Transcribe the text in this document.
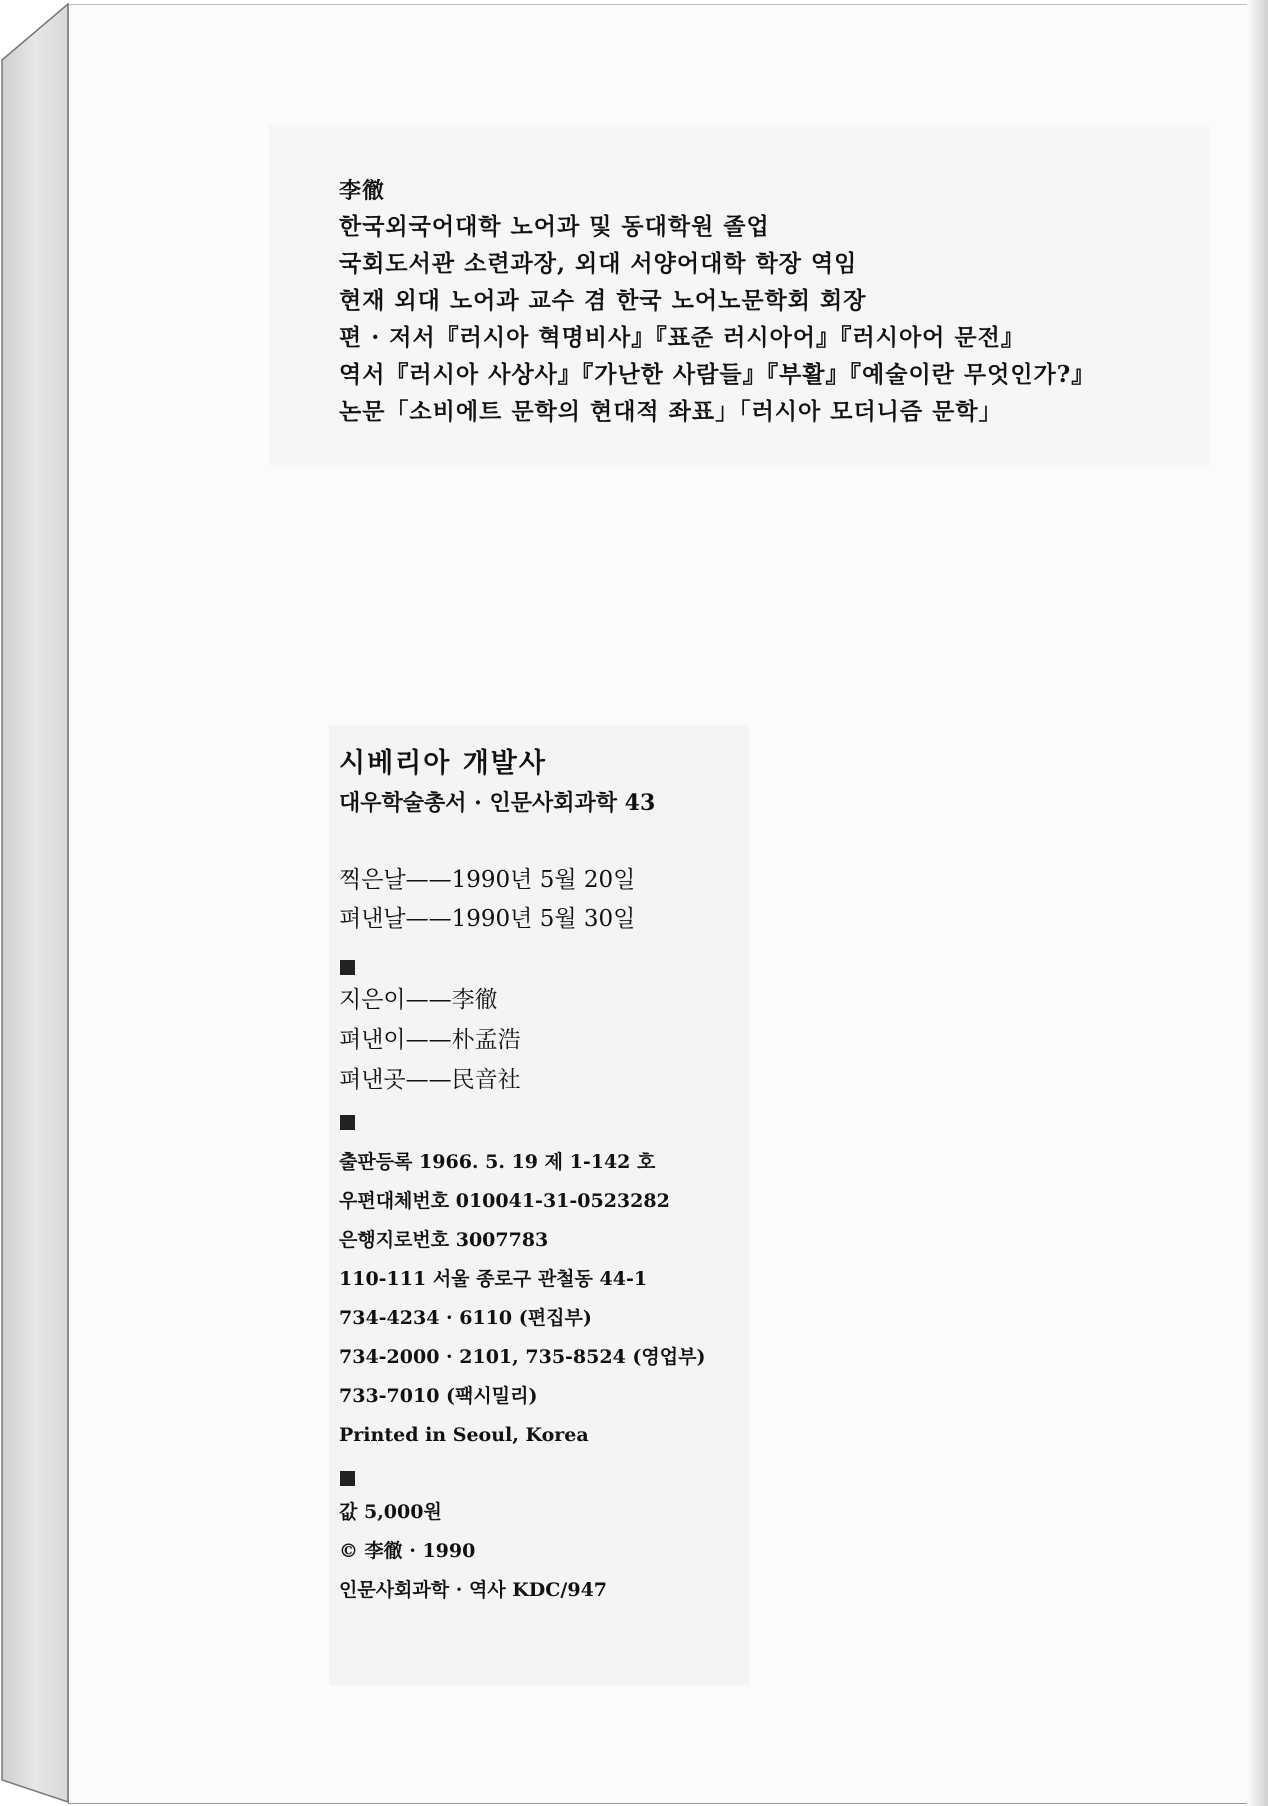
李徹
한국외국어대학 노어과 및 동대학원 졸업
국회도서관 소련과장, 외대 서양어대학 학장 역임
현재 외대 노어과 교수 겸 한국 노어노문학회 회장
편 · 저서『러시아 혁명비사』『표준 러시아어』『러시아어 문전』
역서『러시아 사상사』『가난한 사람들』『부활』『예술이란 무엇인가?』
논문「소비에트 문학의 현대적 좌표」「러시아 모더니즘 문학」
시베리아 개발사
대우학술총서 · 인문사회과학 43
찍은날——1990년 5월 20일
펴낸날——1990년 5월 30일
지은이——李徹
펴낸이——朴孟浩
펴낸곳——民音社
출판등록 1966. 5. 19 제 1-142 호
우편대체번호 010041-31-0523282
은행지로번호 3007783
110-111 서울 종로구 관철동 44-1
734-4234 · 6110 (편집부)
734-2000 · 2101, 735-8524 (영업부)
733-7010 (팩시밀리)
Printed in Seoul, Korea
값 5,000원
© 李徹 · 1990
인문사회과학 · 역사 KDC/947
